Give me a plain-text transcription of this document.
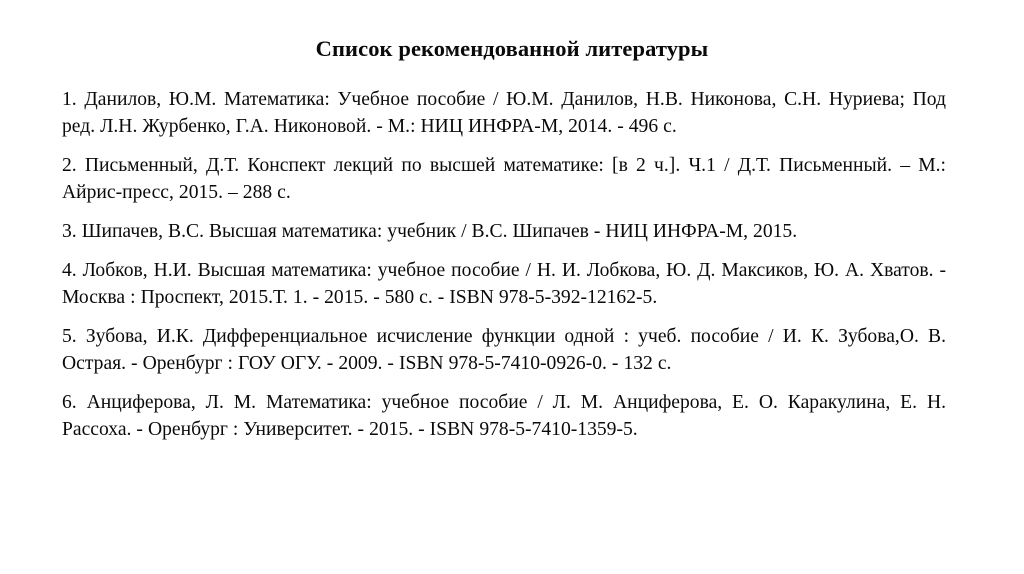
Список рекомендованной литературы

1. Данилов, Ю.М. Математика: Учебное пособие / Ю.М. Данилов, Н.В. Никонова, С.Н. Нуриева; Под ред. Л.Н. Журбенко, Г.А. Никоновой. - М.: НИЦ ИНФРА-М, 2014. - 496 с.

2. Письменный, Д.Т. Конспект лекций по высшей математике: [в 2 ч.]. Ч.1 / Д.Т. Письменный. – М.: Айрис-пресс, 2015. – 288 с.

3. Шипачев, В.С. Высшая математика: учебник / В.С. Шипачев - НИЦ ИНФРА-М, 2015.

4. Лобков, Н.И. Высшая математика: учебное пособие / Н. И. Лобкова, Ю. Д. Максиков, Ю. А. Хватов. - Москва : Проспект, 2015.Т. 1. - 2015. - 580 с. - ISBN 978-5-392-12162-5.

5. Зубова, И.К. Дифференциальное исчисление функции одной : учеб. пособие / И. К. Зубова,О. В. Острая. - Оренбург : ГОУ ОГУ. - 2009. - ISBN 978-5-7410-0926-0. - 132 с.

6. Анциферова, Л. М. Математика: учебное пособие / Л. М. Анциферова, Е. О. Каракулина, Е. Н. Рассоха. - Оренбург : Университет. - 2015. - ISBN 978-5-7410-1359-5.
